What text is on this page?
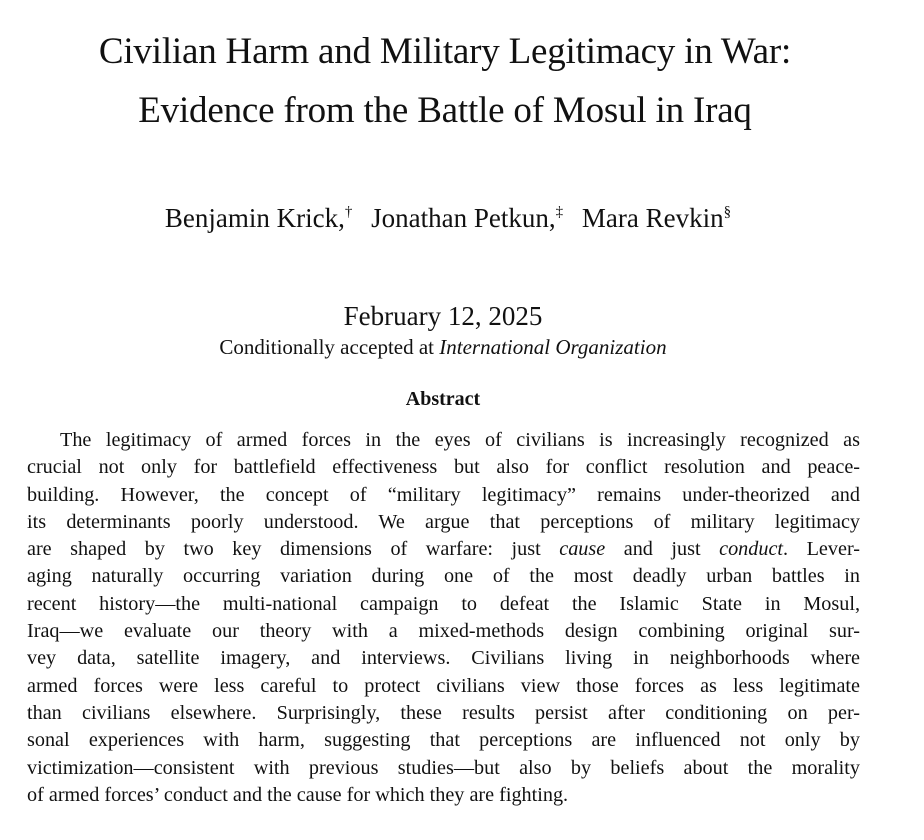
Civilian Harm and Military Legitimacy in War:
Evidence from the Battle of Mosul in Iraq
Benjamin Krick,† Jonathan Petkun,‡ Mara Revkin§
February 12, 2025
Conditionally accepted at International Organization
Abstract
The legitimacy of armed forces in the eyes of civilians is increasingly recognized as
crucial not only for battlefield effectiveness but also for conflict resolution and peace-
building. However, the concept of “military legitimacy” remains under-theorized and
its determinants poorly understood. We argue that perceptions of military legitimacy
are shaped by two key dimensions of warfare: just cause and just conduct. Lever-
aging naturally occurring variation during one of the most deadly urban battles in
recent history—the multi-national campaign to defeat the Islamic State in Mosul,
Iraq—we evaluate our theory with a mixed-methods design combining original sur-
vey data, satellite imagery, and interviews. Civilians living in neighborhoods where
armed forces were less careful to protect civilians view those forces as less legitimate
than civilians elsewhere. Surprisingly, these results persist after conditioning on per-
sonal experiences with harm, suggesting that perceptions are influenced not only by
victimization—consistent with previous studies—but also by beliefs about the morality
of armed forces’ conduct and the cause for which they are fighting.
